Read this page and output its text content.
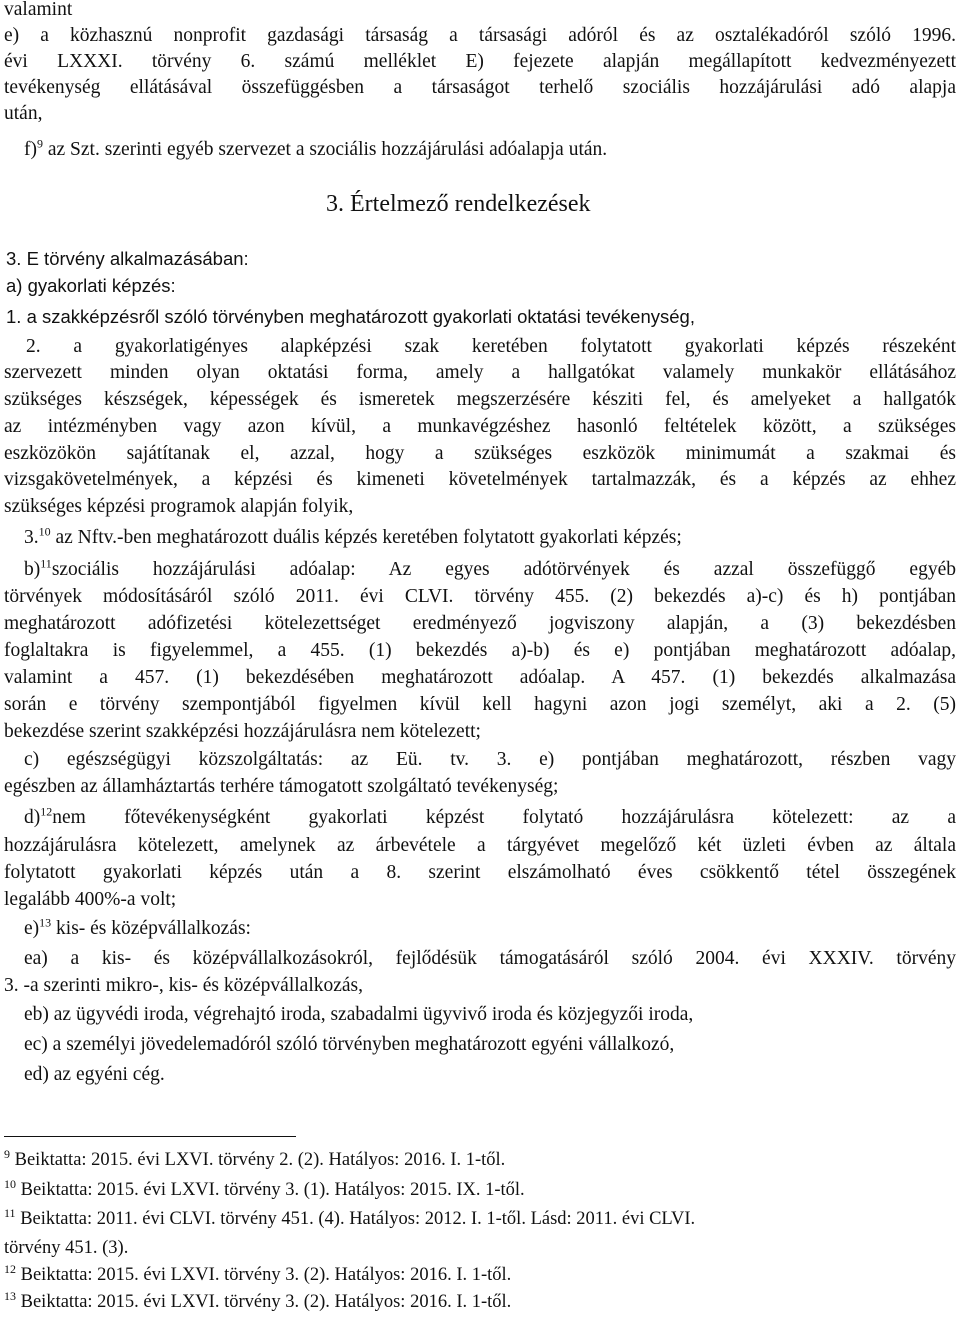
valamint
e) a közhasznú nonprofit gazdasági társaság a társasági adóról és az osztalékadóról szóló 1996.
évi LXXXI. törvény 6. számú melléklet E) fejezete alapján megállapított kedvezményezett
tevékenység ellátásával összefüggésben a társaságot terhelő szociális hozzájárulási adó alapja
után,
f)$^9$ az Szt. szerinti egyéb szervezet a szociális hozzájárulási adóalapja után.
3. Értelmező rendelkezések
3. E törvény alkalmazásában:
a) gyakorlati képzés:
1. a szakképzésről szóló törvényben meghatározott gyakorlati oktatási tevékenység,
2. a gyakorlatigényes alapképzési szak keretében folytatott gyakorlati képzés részeként
szervezett minden olyan oktatási forma, amely a hallgatókat valamely munkakör ellátásához
szükséges készségek, képességek és ismeretek megszerzésére késziti fel, és amelyeket a hallgatók
az intézményben vagy azon kívül, a munkavégzéshez hasonló feltételek között, a szükséges
eszközökön sajátítanak el, azzal, hogy a szükséges eszközök minimumát a szakmai és
vizsgakövetelmények, a képzési és kimeneti követelmények tartalmazzák, és a képzés az ehhez
szükséges képzési programok alapján folyik,
3.10 az Nftv.-ben meghatározott duális képzés keretében folytatott gyakorlati képzés;
b)$^{11}$ szociális hozzájárulási adóalap: Az egyes adótörvények és azzal összefüggő egyéb
törvények módosításáról szóló 2011. évi CLVI. törvény 455. (2) bekezdés a)-c) és h) pontjában
meghatározott adófizetési kötelezettséget eredményező jogviszony alapján, a (3) bekezdésben
foglaltakra is figyelemmel, a 455. (1) bekezdés a)-b) és e) pontjában meghatározott adóalap,
valamint a 457. (1) bekezdésében meghatározott adóalap. A 457. (1) bekezdés alkalmazása
során e törvény szempontjából figyelmen kívül kell hagyni azon jogi személyt, aki a 2. (5)
bekezdése szerint szakképzési hozzájárulásra nem kötelezett;
c) egészségügyi közszolgáltatás: az Eü. tv. 3. e) pontjában meghatározott, részben vagy
egészben az államháztartás terhére támogatott szolgáltató tevékenység;
d)$^{12}$ nem főtevékenységként gyakorlati képzést folytató hozzájárulásra kötelezett: az a
hozzájárulásra kötelezett, amelynek az árbevétele a tárgyévet megelőző két üzleti évben az általa
folytatott gyakorlati képzés után a 8. szerint elszámolható éves csökkentő tétel összegének
legalább 400%-a volt;
e)$^{13}$ kis- és középvállalkozás:
ea) a kis- és középvállalkozásokról, fejlődésük támogatásáról szóló 2004. évi XXXIV. törvény
3. -a szerinti mikro-, kis- és középvállalkozás,
eb) az ügyvédi iroda, végrehajtó iroda, szabadalmi ügyvivő iroda és közjegyzői iroda,
ec) a személyi jövedelemadóról szóló törvényben meghatározott egyéni vállalkozó,
ed) az egyéni cég.
$^9$ Beiktatta: 2015. évi LXVI. törvény 2. (2). Hatályos: 2016. I. 1-től.
$^{10}$ Beiktatta: 2015. évi LXVI. törvény 3. (1). Hatályos: 2015. IX. 1-től.
$^{11}$ Beiktatta: 2011. évi CLVI. törvény 451. (4). Hatályos: 2012. I. 1-től. Lásd: 2011. évi CLVI.
törvény 451. (3).
$^{12}$ Beiktatta: 2015. évi LXVI. törvény 3. (2). Hatályos: 2016. I. 1-től.
$^{13}$ Beiktatta: 2015. évi LXVI. törvény 3. (2). Hatályos: 2016. I. 1-től.
